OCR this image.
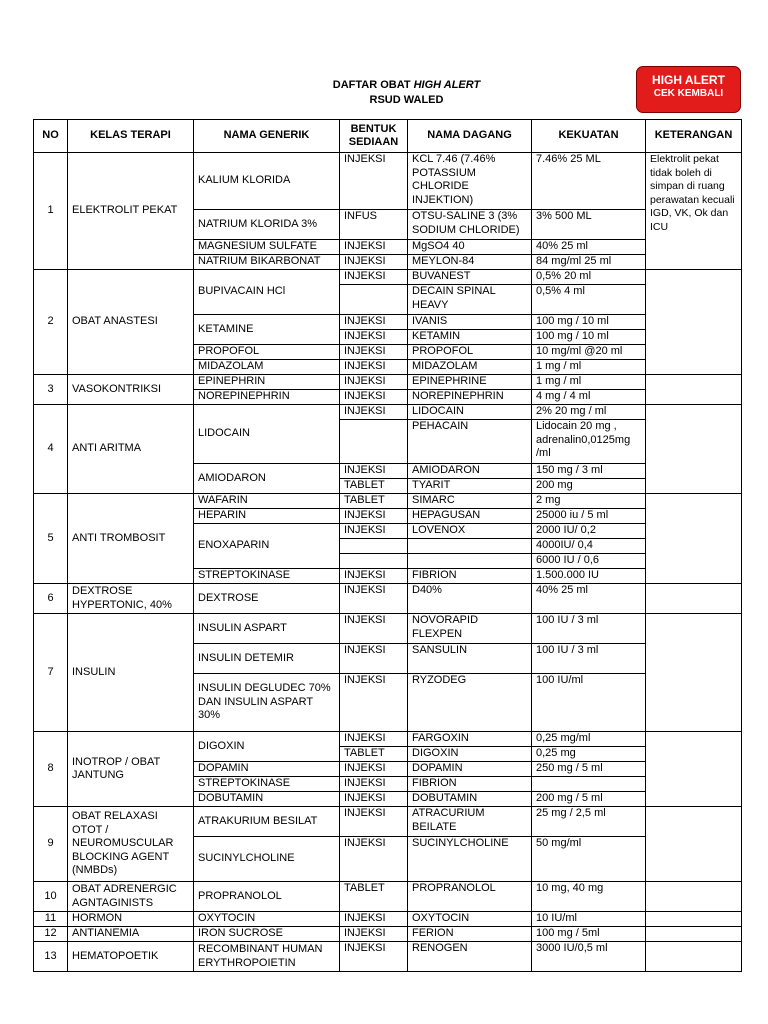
DAFTAR OBAT HIGH ALERT
RSUD WALED
HIGH ALERT
CEK KEMBALI
NO	KELAS TERAPI	NAMA GENERIK	BENTUK SEDIAAN	NAMA DAGANG	KEKUATAN	KETERANGAN
1	ELEKTROLIT PEKAT	KALIUM KLORIDA	INJEKSI	KCL 7.46 (7.46% POTASSIUM CHLORIDE INJEKTION)	7.46% 25 ML	Elektrolit pekat tidak boleh di simpan di ruang perawatan kecuali IGD, VK, Ok dan ICU
		NATRIUM KLORIDA 3%	INFUS	OTSU-SALINE 3 (3% SODIUM CHLORIDE)	3% 500 ML	
		MAGNESIUM SULFATE	INJEKSI	MgSO4 40	40% 25 ml	
		NATRIUM BIKARBONAT	INJEKSI	MEYLON-84	84 mg/ml 25 ml	
2	OBAT ANASTESI	BUPIVACAIN HCl	INJEKSI	BUVANEST	0,5% 20 ml	
				DECAIN SPINAL HEAVY	0,5% 4 ml	
		KETAMINE	INJEKSI	IVANIS	100 mg / 10 ml	
			INJEKSI	KETAMIN	100 mg / 10 ml	
		PROPOFOL	INJEKSI	PROPOFOL	10 mg/ml @20 ml	
		MIDAZOLAM	INJEKSI	MIDAZOLAM	1 mg / ml	
3	VASOKONTRIKSI	EPINEPHRIN	INJEKSI	EPINEPHRINE	1 mg / ml	
		NOREPINEPHRIN	INJEKSI	NOREPINEPHRIN	4 mg / 4 ml	
4	ANTI ARITMA	LIDOCAIN	INJEKSI	LIDOCAIN	2% 20 mg / ml	
				PEHACAIN	Lidocain 20 mg , adrenalin0,0125mg /ml	
		AMIODARON	INJEKSI	AMIODARON	150 mg / 3 ml	
			TABLET	TYARIT	200 mg	
5	ANTI TROMBOSIT	WAFARIN	TABLET	SIMARC	2 mg	
		HEPARIN	INJEKSI	HEPAGUSAN	25000 iu / 5 ml	
		ENOXAPARIN	INJEKSI	LOVENOX	2000 IU/ 0,2	
					4000IU/ 0,4	
					6000 IU / 0,6	
		STREPTOKINASE	INJEKSI	FIBRION	1.500.000 IU	
6	DEXTROSE HYPERTONIC, 40%	DEXTROSE	INJEKSI	D40%	40% 25 ml	
7	INSULIN	INSULIN ASPART	INJEKSI	NOVORAPID FLEXPEN	100 IU / 3 ml	
		INSULIN DETEMIR	INJEKSI	SANSULIN	100 IU / 3 ml	
		INSULIN DEGLUDEC 70% DAN INSULIN ASPART 30%	INJEKSI	RYZODEG	100 IU/ml	
8	INOTROP / OBAT JANTUNG	DIGOXIN	INJEKSI	FARGOXIN	0,25 mg/ml	
			TABLET	DIGOXIN	0,25 mg	
		DOPAMIN	INJEKSI	DOPAMIN	250 mg / 5 ml	
		STREPTOKINASE	INJEKSI	FIBRION		
		DOBUTAMIN	INJEKSI	DOBUTAMIN	200 mg / 5 ml	
9	OBAT RELAXASI OTOT / NEUROMUSCULAR BLOCKING AGENT (NMBDs)	ATRAKURIUM BESILAT	INJEKSI	ATRACURIUM BEILATE	25 mg / 2,5 ml	
		SUCINYLCHOLINE	INJEKSI	SUCINYLCHOLINE	50 mg/ml	
10	OBAT ADRENERGIC AGNTAGINISTS	PROPRANOLOL	TABLET	PROPRANOLOL	10 mg, 40 mg	
11	HORMON	OXYTOCIN	INJEKSI	OXYTOCIN	10 IU/ml	
12	ANTIANEMIA	IRON SUCROSE	INJEKSI	FERION	100 mg / 5ml	
13	HEMATOPOETIK	RECOMBINANT HUMAN ERYTHROPOIETIN	INJEKSI	RENOGEN	3000 IU/0,5 ml	
